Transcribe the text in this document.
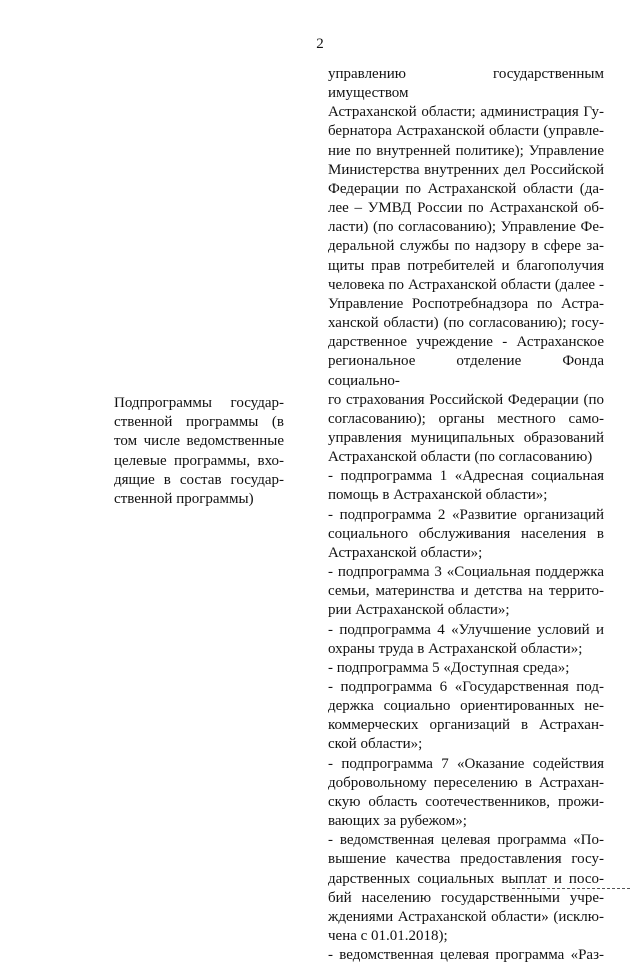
2
Подпрограммы государ-
ственной программы (в
том числе ведомственные
целевые программы, вхо-
дящие в состав государ-
ственной программы)
управлению государственным имуществом
Астраханской области; администрация Гу-
бернатора Астраханской области (управле-
ние по внутренней политике); Управление
Министерства внутренних дел Российской
Федерации по Астраханской области (да-
лее – УМВД России по Астраханской об-
ласти) (по согласованию); Управление Фе-
деральной службы по надзору в сфере за-
щиты прав потребителей и благополучия
человека по Астраханской области (далее -
Управление Роспотребнадзора по Астра-
ханской области) (по согласованию); госу-
дарственное учреждение - Астраханское
региональное отделение Фонда социально-
го страхования Российской Федерации (по
согласованию); органы местного само-
управления муниципальных образований
Астраханской области (по согласованию)
- подпрограмма 1 «Адресная социальная
помощь в Астраханской области»;
- подпрограмма 2 «Развитие организаций
социального обслуживания населения в
Астраханской области»;
- подпрограмма 3 «Социальная поддержка
семьи, материнства и детства на террито-
рии Астраханской области»;
- подпрограмма 4 «Улучшение условий и
охраны труда в Астраханской области»;
- подпрограмма 5 «Доступная среда»;
- подпрограмма 6 «Государственная под-
держка социально ориентированных не-
коммерческих организаций в Астрахан-
ской области»;
- подпрограмма 7 «Оказание содействия
добровольному переселению в Астрахан-
скую область соотечественников, прожи-
вающих за рубежом»;
- ведомственная целевая программа «По-
вышение качества предоставления госу-
дарственных социальных выплат и посо-
бий населению государственными учре-
ждениями Астраханской области» (исклю-
чена с 01.01.2018);
- ведомственная целевая программа «Раз-
